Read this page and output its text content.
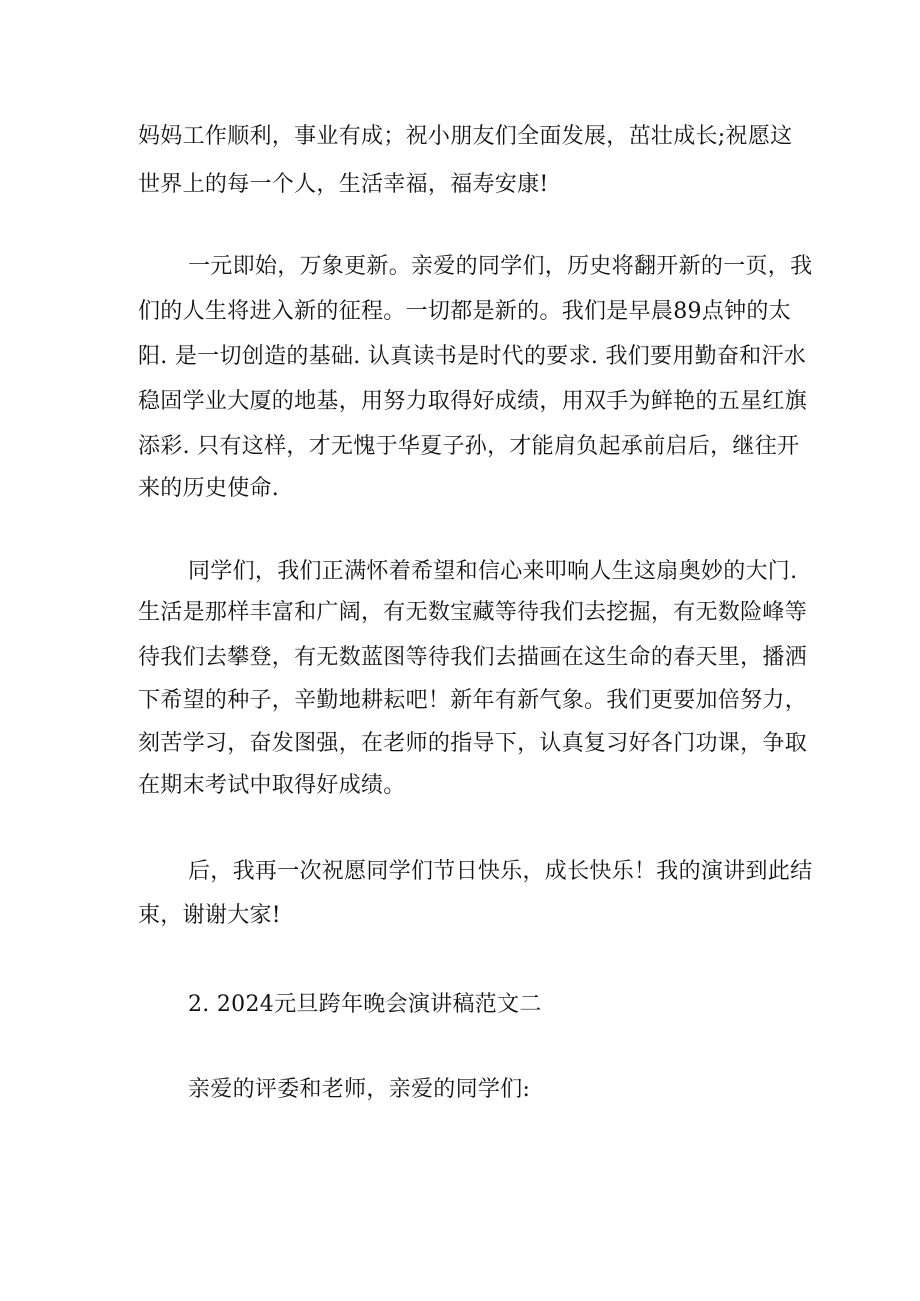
妈妈工作顺利，事业有成；祝小朋友们全面发展，茁壮成长;祝愿这
世界上的每一个人，生活幸福，福寿安康!
一元即始，万象更新。亲爱的同学们，历史将翻开新的一页，我
们的人生将进入新的征程。一切都是新的。我们是早晨89点钟的太
阳. 是一切创造的基础. 认真读书是时代的要求. 我们要用勤奋和汗水
稳固学业大厦的地基，用努力取得好成绩，用双手为鲜艳的五星红旗
添彩. 只有这样，才无愧于华夏子孙，才能肩负起承前启后，继往开
来的历史使命.
同学们，我们正满怀着希望和信心来叩响人生这扇奥妙的大门.
生活是那样丰富和广阔，有无数宝藏等待我们去挖掘，有无数险峰等
待我们去攀登，有无数蓝图等待我们去描画在这生命的春天里，播洒
下希望的种子，辛勤地耕耘吧！新年有新气象。我们更要加倍努力，
刻苦学习，奋发图强，在老师的指导下，认真复习好各门功课，争取
在期末考试中取得好成绩。
后，我再一次祝愿同学们节日快乐，成长快乐！我的演讲到此结
束，谢谢大家!
2. 2024元旦跨年晚会演讲稿范文二
亲爱的评委和老师，亲爱的同学们:
